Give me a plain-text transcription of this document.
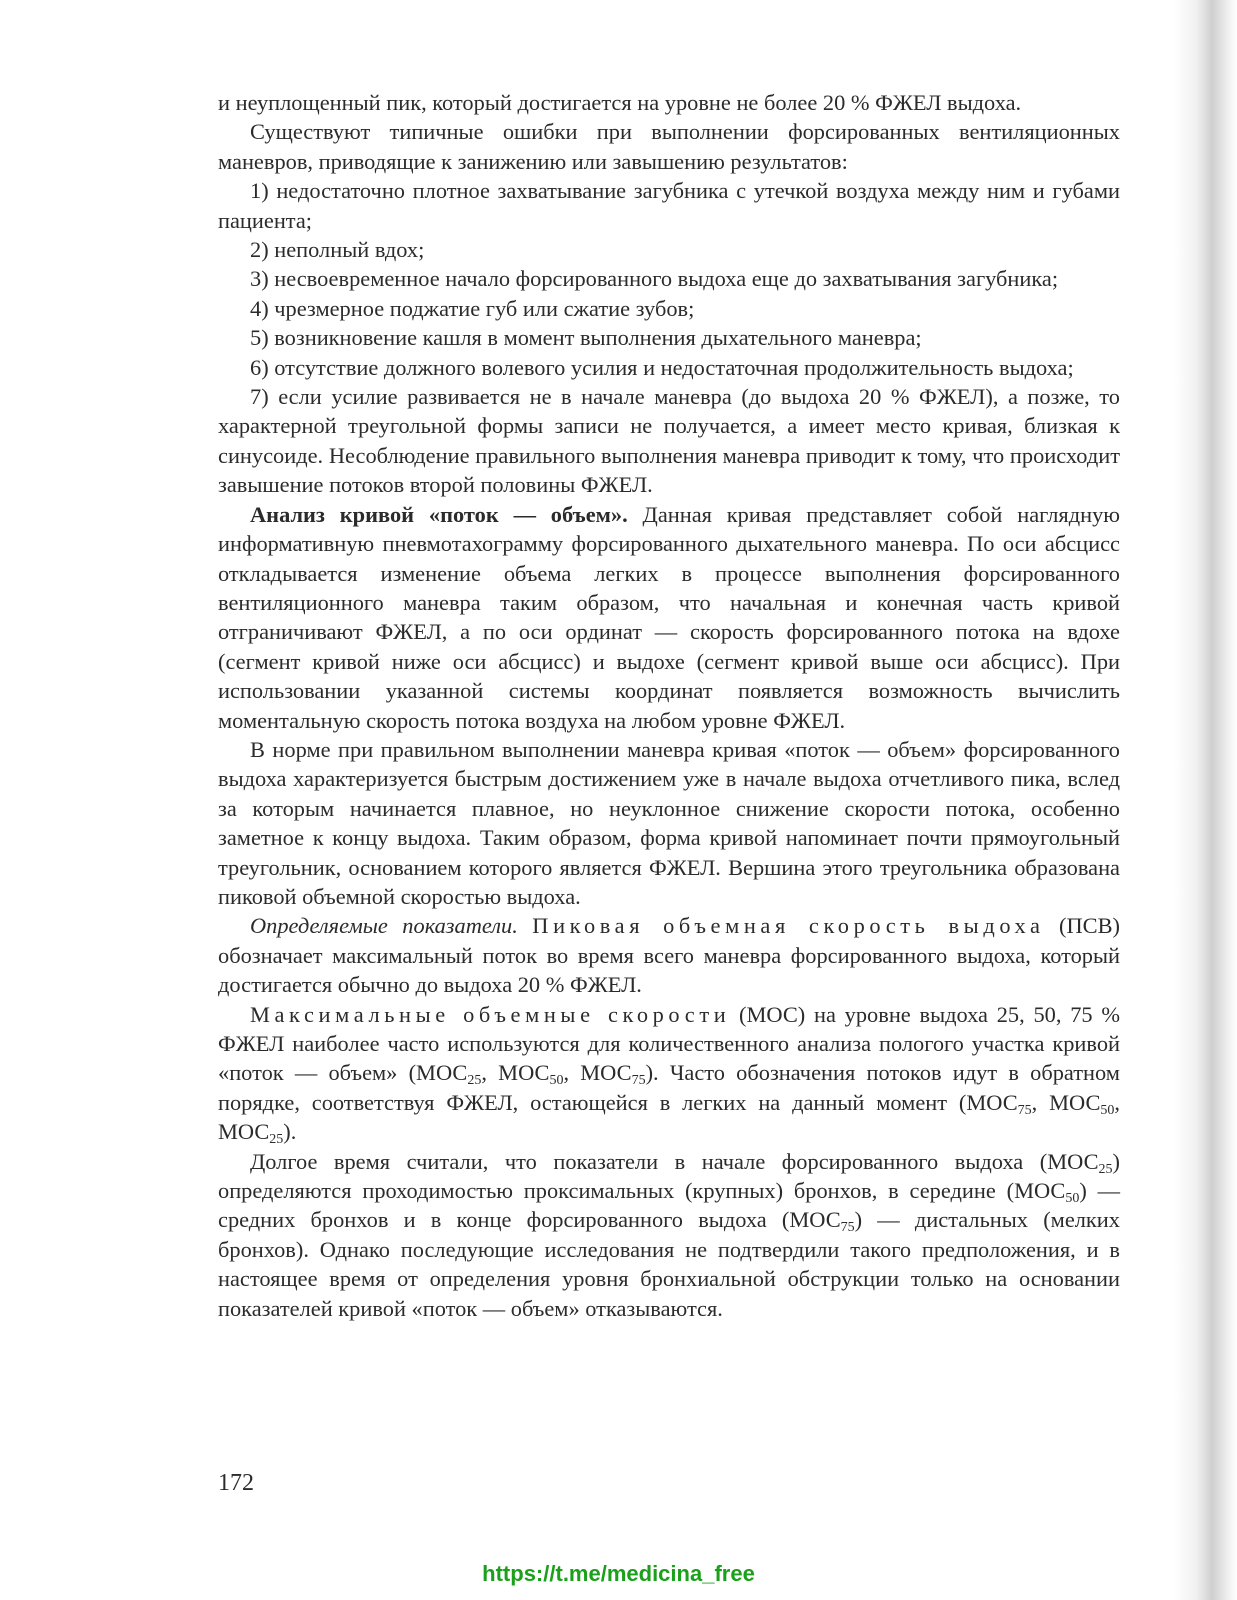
и неуплощенный пик, который достигается на уровне не более 20 % ФЖЕЛ выдоха.

Существуют типичные ошибки при выполнении форсированных вентиляционных маневров, приводящие к занижению или завышению результатов:

1) недостаточно плотное захватывание загубника с утечкой воздуха между ним и губами пациента;

2) неполный вдох;

3) несвоевременное начало форсированного выдоха еще до захватывания загубника;

4) чрезмерное поджатие губ или сжатие зубов;

5) возникновение кашля в момент выполнения дыхательного маневра;

6) отсутствие должного волевого усилия и недостаточная продолжительность выдоха;

7) если усилие развивается не в начале маневра (до выдоха 20 % ФЖЕЛ), а позже, то характерной треугольной формы записи не получается, а имеет место кривая, близкая к синусоиде. Несоблюдение правильного выполнения маневра приводит к тому, что происходит завышение потоков второй половины ФЖЕЛ.

Анализ кривой «поток — объем». Данная кривая представляет собой наглядную информативную пневмотахограмму форсированного дыхательного маневра. По оси абсцисс откладывается изменение объема легких в процессе выполнения форсированного вентиляционного маневра таким образом, что начальная и конечная часть кривой отграничивают ФЖЕЛ, а по оси ординат — скорость форсированного потока на вдохе (сегмент кривой ниже оси абсцисс) и выдохе (сегмент кривой выше оси абсцисс). При использовании указанной системы координат появляется возможность вычислить моментальную скорость потока воздуха на любом уровне ФЖЕЛ.

В норме при правильном выполнении маневра кривая «поток — объем» форсированного выдоха характеризуется быстрым достижением уже в начале выдоха отчетливого пика, вслед за которым начинается плавное, но неуклонное снижение скорости потока, особенно заметное к концу выдоха. Таким образом, форма кривой напоминает почти прямоугольный треугольник, основанием которого является ФЖЕЛ. Вершина этого треугольника образована пиковой объемной скоростью выдоха.

Определяемые показатели. Пиковая объемная скорость выдоха (ПСВ) обозначает максимальный поток во время всего маневра форсированного выдоха, который достигается обычно до выдоха 20 % ФЖЕЛ.

Максимальные объемные скорости (МОС) на уровне выдоха 25, 50, 75 % ФЖЕЛ наиболее часто используются для количественного анализа пологого участка кривой «поток — объем» ($МОС_{25}$, $МОС_{50}$, $МОС_{75}$). Часто обозначения потоков идут в обратном порядке, соответствуя ФЖЕЛ, остающейся в легких на данный момент ($МОС_{75}$, $МОС_{50}$, $МОС_{25}$).

Долгое время считали, что показатели в начале форсированного выдоха $(МОС_{25})$ определяются проходимостью проксимальных (крупных) бронхов, в середине $(МОС_{50})$ — средних бронхов и в конце форсированного выдоха $(МОС_{75})$ — дистальных (мелких бронхов). Однако последующие исследования не подтвердили такого предположения, и в настоящее время от определения уровня бронхиальной обструкции только на основании показателей кривой «поток — объем» отказываются.

172
https://t.me/medicina_free
